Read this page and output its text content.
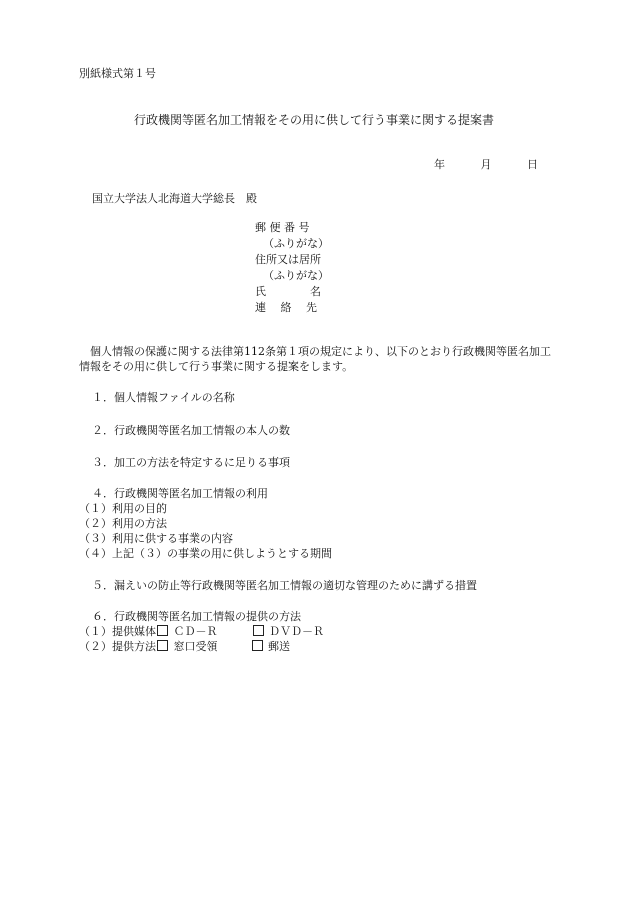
別紙様式第１号
行政機関等匿名加工情報をその用に供して行う事業に関する提案書
年	月	日
国立大学法人北海道大学総長　殿
郵 便 番 号
（ふりがな）
住所又は居所
（ふりがな）
氏　　　　名
連　 絡　 先
　個人情報の保護に関する法律第112条第１項の規定により、以下のとおり行政機関等匿名加工情報をその用に供して行う事業に関する提案をします。
１．個人情報ファイルの名称
２．行政機関等匿名加工情報の本人の数
３．加工の方法を特定するに足りる事項
４．行政機関等匿名加工情報の利用
（１）利用の目的
（２）利用の方法
（３）利用に供する事業の内容
（４）上記（３）の事業の用に供しようとする期間
５．漏えいの防止等行政機関等匿名加工情報の適切な管理のために講ずる措置
６．行政機関等匿名加工情報の提供の方法
（１）提供媒体 ＣＤ－Ｒ	ＤＶＤ－Ｒ
（２）提供方法 窓口受領	郵送
